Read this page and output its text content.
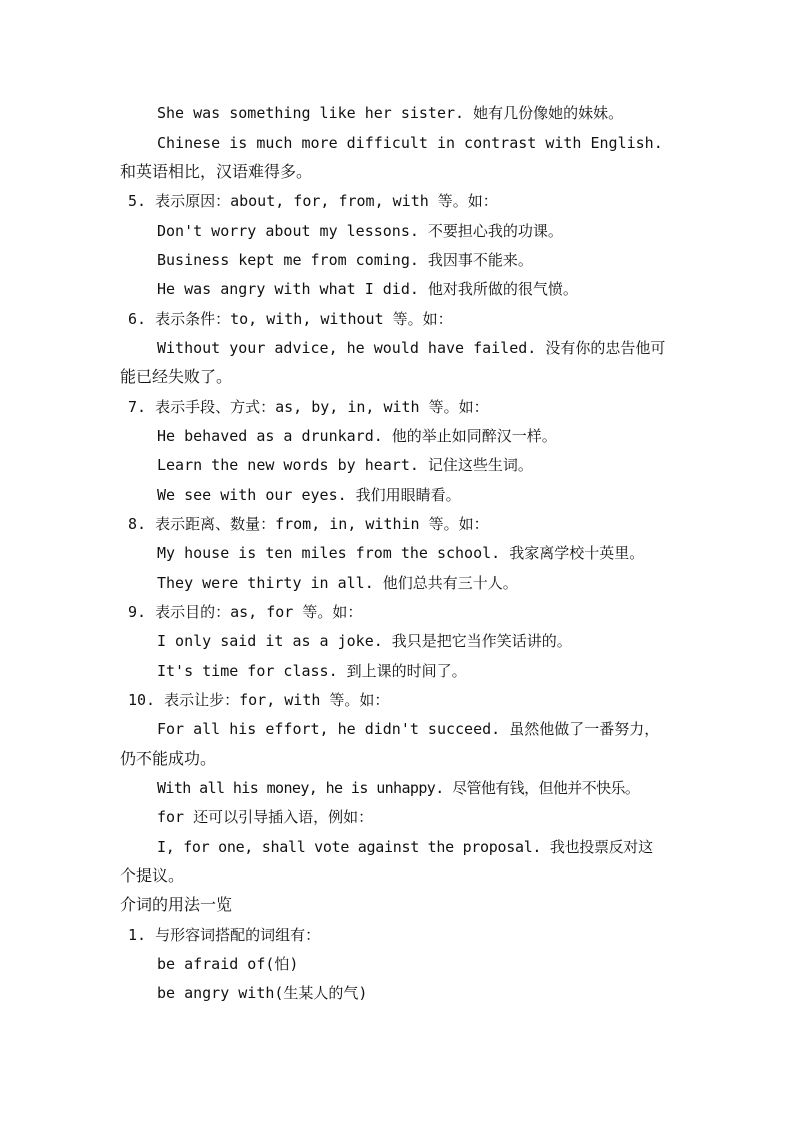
She was something like her sister. 她有几份像她的妹妹。
Chinese is much more difficult in contrast with English.
和英语相比，汉语难得多。
5. 表示原因：about, for, from, with 等。如：
Don't worry about my lessons. 不要担心我的功课。
Business kept me from coming. 我因事不能来。
He was angry with what I did. 他对我所做的很气愤。
6. 表示条件：to, with, without 等。如：
Without your advice, he would have failed. 没有你的忠告他可
能已经失败了。
7. 表示手段、方式：as, by, in, with 等。如：
He behaved as a drunkard. 他的举止如同醉汉一样。
Learn the new words by heart. 记住这些生词。
We see with our eyes. 我们用眼睛看。
8. 表示距离、数量：from, in, within 等。如：
My house is ten miles from the school. 我家离学校十英里。
They were thirty in all. 他们总共有三十人。
9. 表示目的：as, for 等。如：
I only said it as a joke. 我只是把它当作笑话讲的。
It's time for class. 到上课的时间了。
10. 表示让步：for, with 等。如：
For all his effort, he didn't succeed. 虽然他做了一番努力，
仍不能成功。
With all his money, he is unhappy. 尽管他有钱，但他并不快乐。
for 还可以引导插入语，例如：
I, for one, shall vote against the proposal. 我也投票反对这
个提议。
介词的用法一览
1. 与形容词搭配的词组有：
be afraid of(怕)
be angry with(生某人的气)
